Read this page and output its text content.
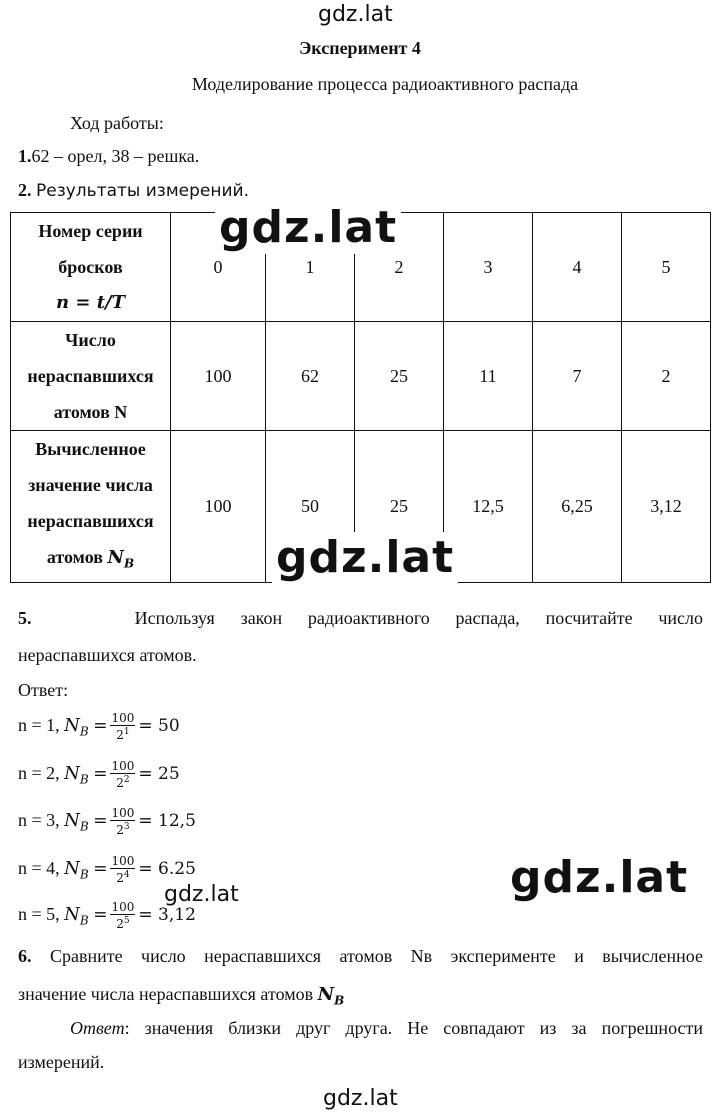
gdz.lat
gdz.lat
Эксперимент 4
Моделирование процесса радиоактивного распада
Ход работы:
1.62 – орел, 38 – решка.
2. Результаты измерений.
Номер серии
бросков
n = t/T	0	1	2	3	4	5

Число
нераспавшихся
атомов N	100	62	25	11	7	2

Вычисленное
значение числа
нераспавшихся
атомов $N_B$	100	50	25	12,5	6,25	3,12
gdz.lat
gdz.lat
5.	Используя закон радиоактивного распада, посчитайте число
нераспавшихся атомов.
Ответ:
n = 1, $N_B = \frac{100}{2^1} = 50$
n = 2, $N_B = \frac{100}{2^2} = 25$
n = 3, $N_B = \frac{100}{2^3} = 12,5$
n = 4, $N_B = \frac{100}{2^4} = 6.25$
n = 5, $N_B = \frac{100}{2^5} = 3,12$
gdz.lat
gdz.lat
6. Сравните число нераспавшихся атомов Nв эксперименте и вычисленное
значение числа нераспавшихся атомов $N_B$
Ответ: значения близки друг друга. Не совпадают из за погрешности
измерений.
